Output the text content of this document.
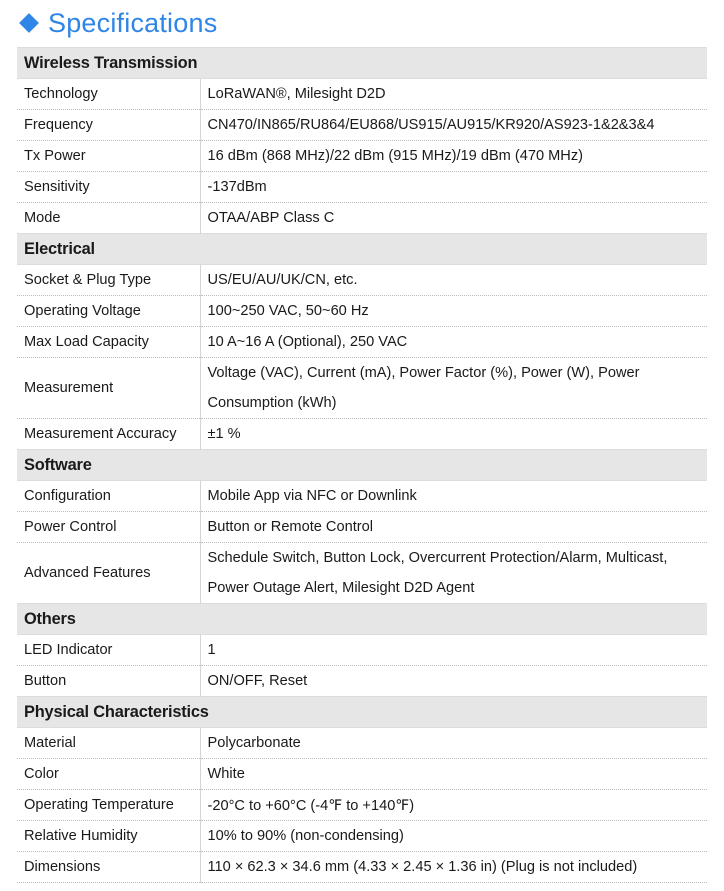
Specifications
Wireless Transmission	
Technology	LoRaWAN®, Milesight D2D
Frequency	CN470/IN865/RU864/EU868/US915/AU915/KR920/AS923-1&2&3&4
Tx Power	16 dBm (868 MHz)/22 dBm (915 MHz)/19 dBm (470 MHz)
Sensitivity	-137dBm
Mode	OTAA/ABP Class C
Electrical	
Socket & Plug Type	US/EU/AU/UK/CN, etc.
Operating Voltage	100~250 VAC, 50~60 Hz
Max Load Capacity	10 A~16 A (Optional), 250 VAC
Measurement	Voltage (VAC), Current (mA), Power Factor (%), Power (W), Power Consumption (kWh)
Measurement Accuracy	±1 %
Software	
Configuration	Mobile App via NFC or Downlink
Power Control	Button or Remote Control
Advanced Features	Schedule Switch, Button Lock, Overcurrent Protection/Alarm, Multicast, Power Outage Alert, Milesight D2D Agent
Others	
LED Indicator	1
Button	ON/OFF, Reset
Physical Characteristics	
Material	Polycarbonate
Color	White
Operating Temperature	-20°C to +60°C (-4℉ to +140℉)
Relative Humidity	10% to 90% (non-condensing)
Dimensions	110 × 62.3 × 34.6 mm (4.33 × 2.45 × 1.36 in) (Plug is not included)
